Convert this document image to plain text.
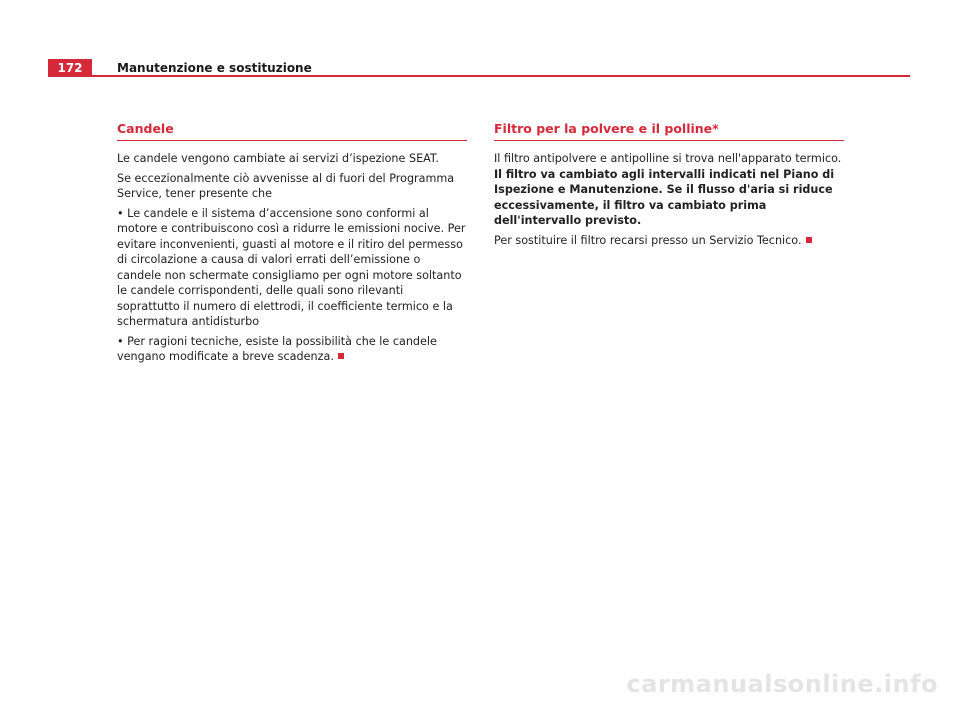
172	Manutenzione e sostituzione
Candele

Le candele vengono cambiate ai servizi d’ispezione SEAT.

Se eccezionalmente ciò avvenisse al di fuori del Programma Service, tener presente che

• Le candele e il sistema d’accensione sono conformi al motore e contribuiscono così a ridurre le emissioni nocive. Per evitare inconvenienti, guasti al motore e il ritiro del permesso di circolazione a causa di valori errati dell’emissione o candele non schermate consigliamo per ogni motore soltanto le candele corrispondenti, delle quali sono rilevanti soprattutto il numero di elettrodi, il coefficiente termico e la schermatura antidisturbo

• Per ragioni tecniche, esiste la possibilità che le candele vengano modificate a breve scadenza.

Filtro per la polvere e il polline*

Il filtro antipolvere e antipolline si trova nell'apparato termico. Il filtro va cambiato agli intervalli indicati nel Piano di Ispezione e Manutenzione. Se il flusso d'aria si riduce eccessivamente, il filtro va cambiato prima dell'intervallo previsto.

Per sostituire il filtro recarsi presso un Servizio Tecnico.

carmanualsonline.info
